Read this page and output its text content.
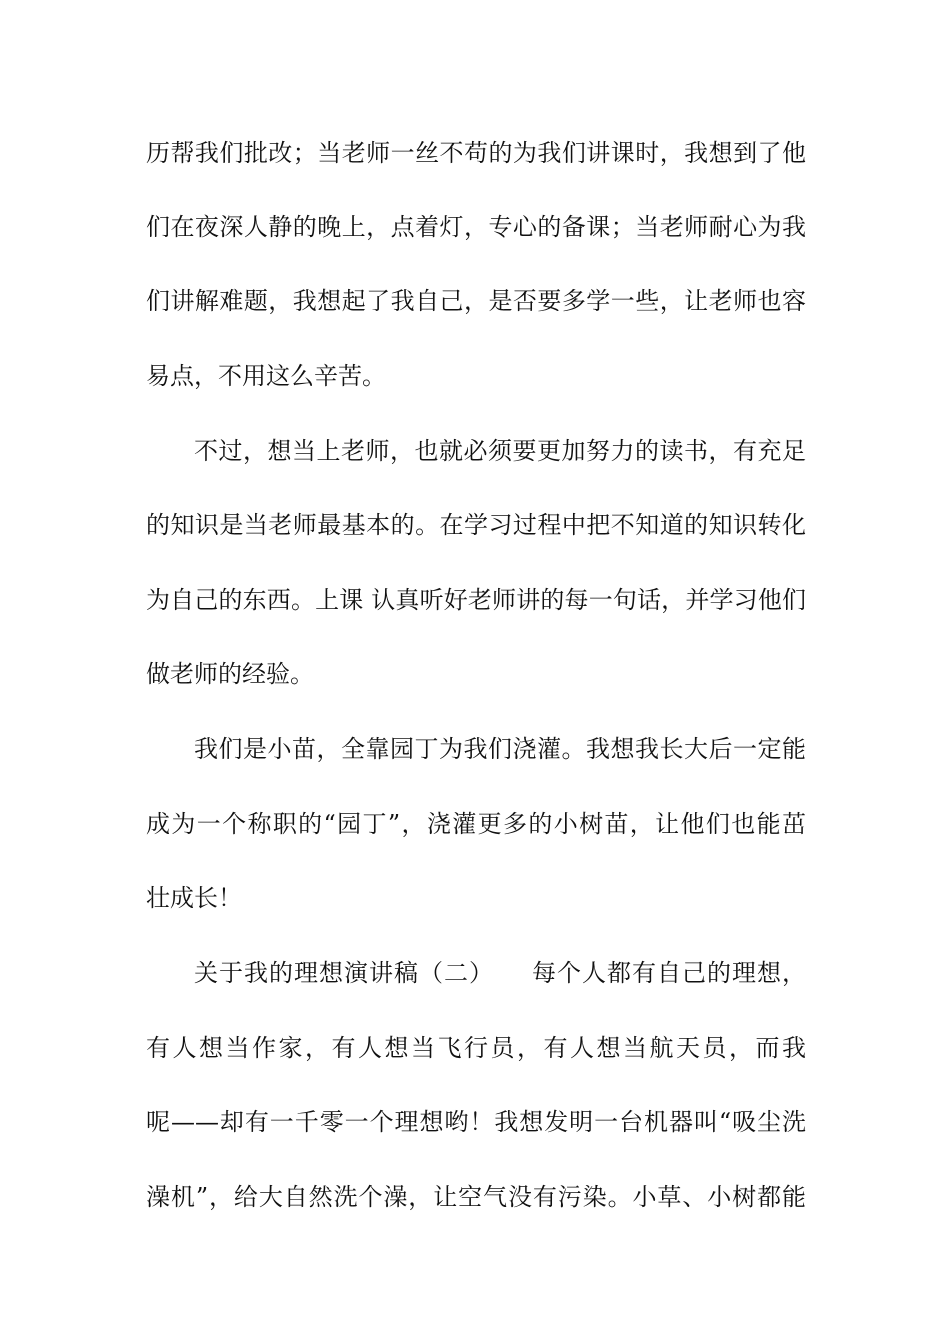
历帮我们批改；当老师一丝不苟的为我们讲课时，我想到了他
们在夜深人静的晚上，点着灯，专心的备课；当老师耐心为我
们讲解难题，我想起了我自己，是否要多学一些，让老师也容
易点，不用这么辛苦。
不过，想当上老师，也就必须要更加努力的读书，有充足
的知识是当老师最基本的。在学习过程中把不知道的知识转化
为自己的东西。上课 认真听好老师讲的每一句话，并学习他们
做老师的经验。
我们是小苗，全靠园丁为我们浇灌。我想我长大后一定能
成为一个称职的“园丁”，浇灌更多的小树苗，让他们也能茁
壮成长！
关于我的理想演讲稿（二）　　每个人都有自己的理想，
有人想当作家，有人想当飞行员，有人想当航天员，而我
呢——却有一千零一个理想哟！我想发明一台机器叫“吸尘洗
澡机”，给大自然洗个澡，让空气没有污染。小草、小树都能
